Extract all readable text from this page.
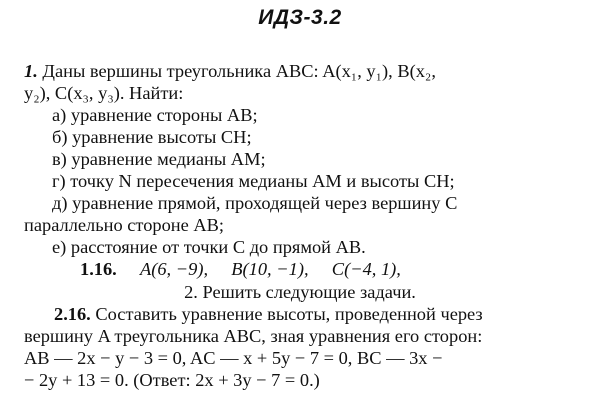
ИДЗ-3.2
1. Даны вершины треугольника ABC: A(x₁, y₁), B(x₂,
y₂), C(x₃, y₃). Найти:
а) уравнение стороны AB;
б) уравнение высоты CH;
в) уравнение медианы AM;
г) точку N пересечения медианы AM и высоты CH;
д) уравнение прямой, проходящей через вершину C
параллельно стороне AB;
е) расстояние от точки C до прямой AB.
1.16. A(6, −9), B(10, −1), C(−4, 1),
2. Решить следующие задачи.
2.16. Составить уравнение высоты, проведенной через
вершину A треугольника ABC, зная уравнения его сторон:
AB — 2x − y − 3 = 0, AC — x + 5y − 7 = 0, BC — 3x −
− 2y + 13 = 0. (Ответ: 2x + 3y − 7 = 0.)
